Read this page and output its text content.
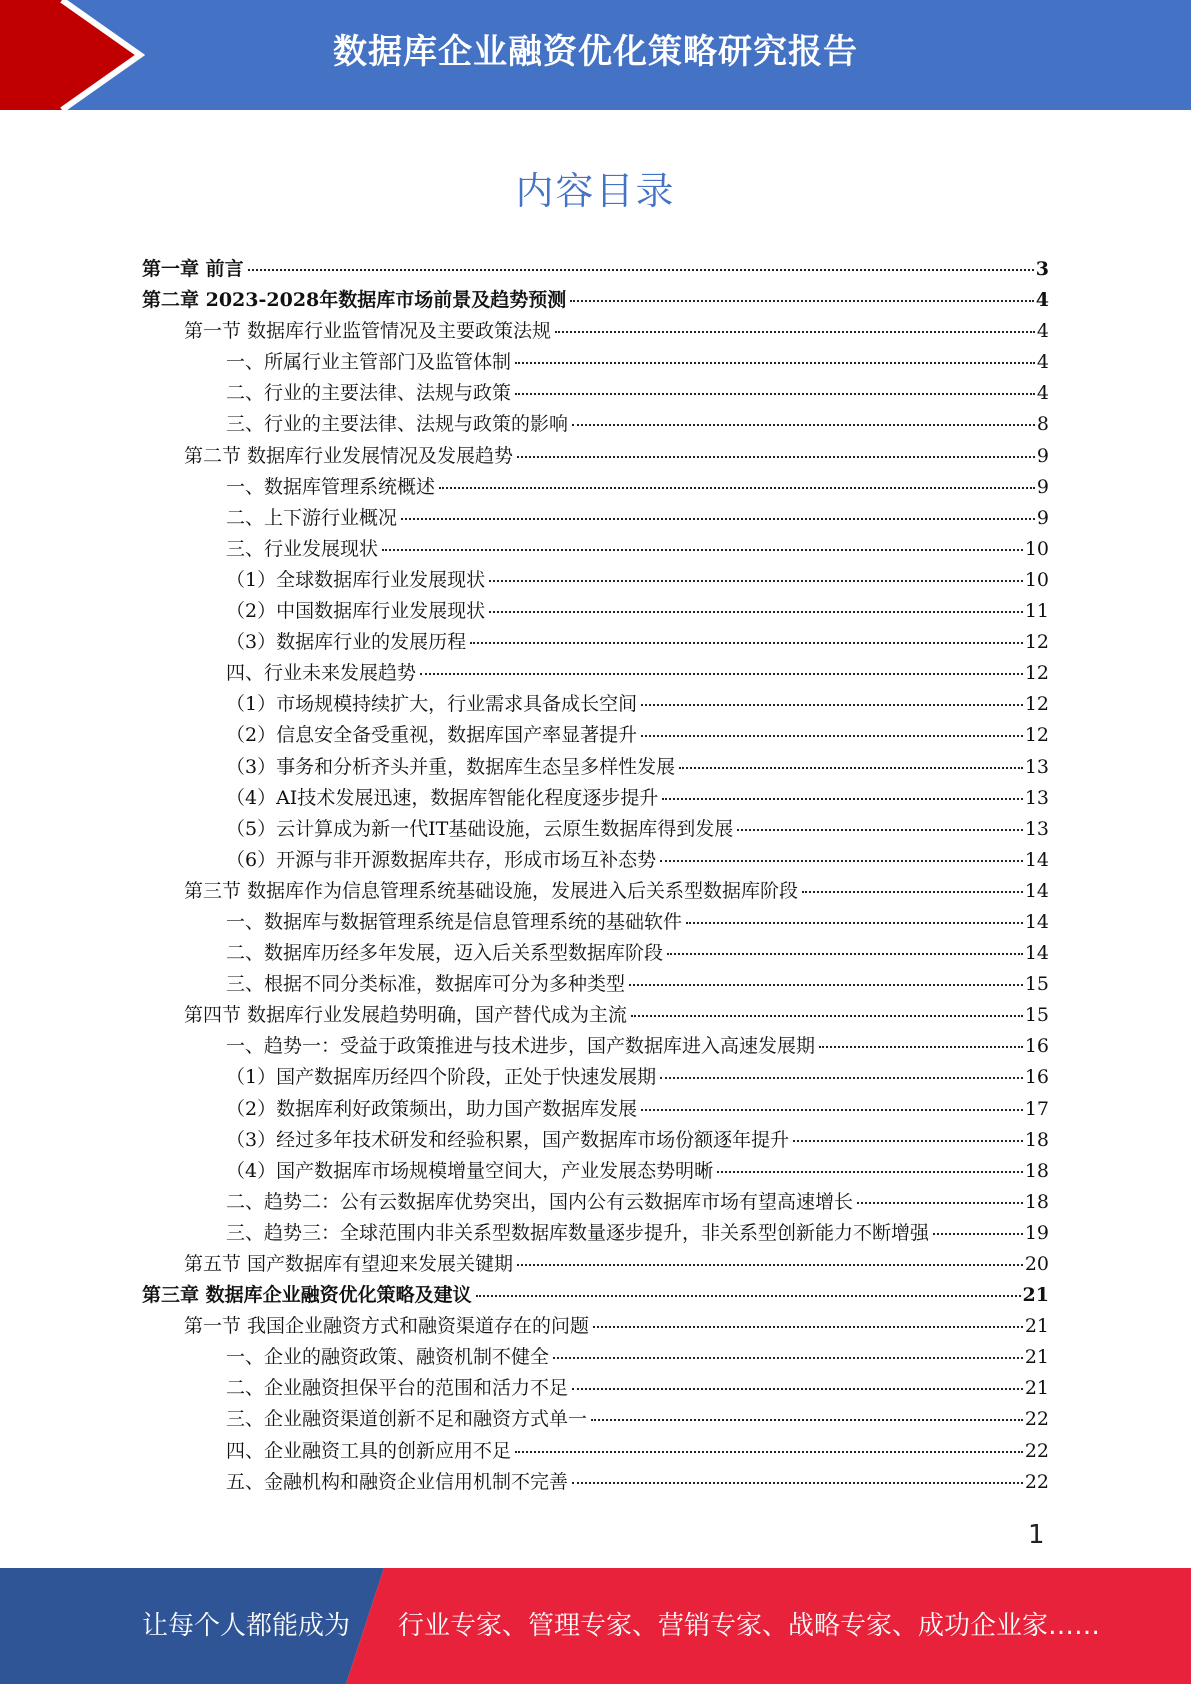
数据库企业融资优化策略研究报告
内容目录
第一章 前言	3
第二章 2023-2028年数据库市场前景及趋势预测	4
第一节 数据库行业监管情况及主要政策法规	4
一、所属行业主管部门及监管体制	4
二、行业的主要法律、法规与政策	4
三、行业的主要法律、法规与政策的影响	8
第二节 数据库行业发展情况及发展趋势	9
一、数据库管理系统概述	9
二、上下游行业概况	9
三、行业发展现状	10
（1）全球数据库行业发展现状	10
（2）中国数据库行业发展现状	11
（3）数据库行业的发展历程	12
四、行业未来发展趋势	12
（1）市场规模持续扩大，行业需求具备成长空间	12
（2）信息安全备受重视，数据库国产率显著提升	12
（3）事务和分析齐头并重，数据库生态呈多样性发展	13
（4）AI技术发展迅速，数据库智能化程度逐步提升	13
（5）云计算成为新一代IT基础设施，云原生数据库得到发展	13
（6）开源与非开源数据库共存，形成市场互补态势	14
第三节 数据库作为信息管理系统基础设施，发展进入后关系型数据库阶段	14
一、数据库与数据管理系统是信息管理系统的基础软件	14
二、数据库历经多年发展，迈入后关系型数据库阶段	14
三、根据不同分类标准，数据库可分为多种类型	15
第四节 数据库行业发展趋势明确，国产替代成为主流	15
一、趋势一：受益于政策推进与技术进步，国产数据库进入高速发展期	16
（1）国产数据库历经四个阶段，正处于快速发展期	16
（2）数据库利好政策频出，助力国产数据库发展	17
（3）经过多年技术研发和经验积累，国产数据库市场份额逐年提升	18
（4）国产数据库市场规模增量空间大，产业发展态势明晰	18
二、趋势二：公有云数据库优势突出，国内公有云数据库市场有望高速增长	18
三、趋势三：全球范围内非关系型数据库数量逐步提升，非关系型创新能力不断增强	19
第五节 国产数据库有望迎来发展关键期	20
第三章 数据库企业融资优化策略及建议	21
第一节 我国企业融资方式和融资渠道存在的问题	21
一、企业的融资政策、融资机制不健全	21
二、企业融资担保平台的范围和活力不足	21
三、企业融资渠道创新不足和融资方式单一	22
四、企业融资工具的创新应用不足	22
五、金融机构和融资企业信用机制不完善	22
1
让每个人都能成为 行业专家、管理专家、营销专家、战略专家、成功企业家……
